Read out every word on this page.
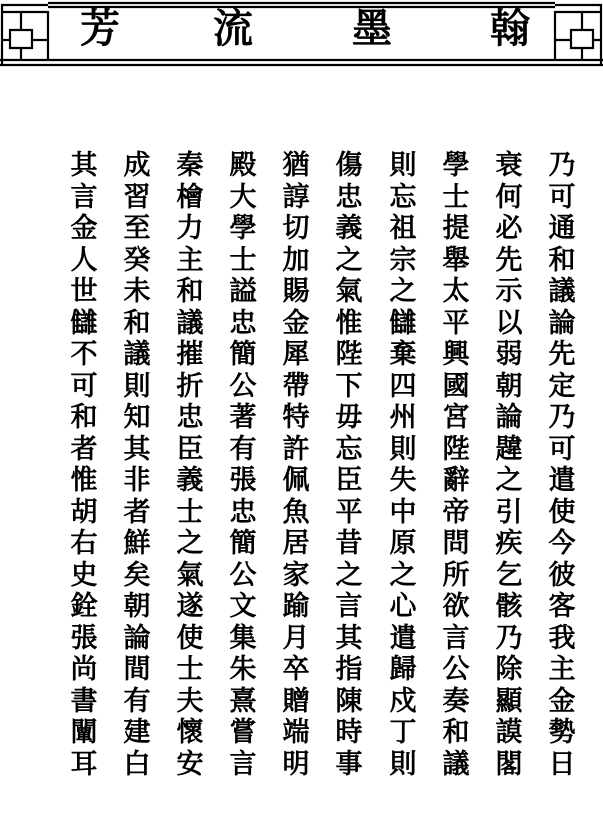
芳 流 墨 翰
乃
可
通
和
議
論
先
定
乃
可
遣
使
今
彼
客
我
主
金
勢
日
衰
何
必
先
示
以
弱
朝
論
韙
之
引
疾
乞
骸
乃
除
顯
謨
閣
學
士
提
舉
太
平
興
國
宮
陛
辭
帝
問
所
欲
言
公
奏
和
議
則
忘
祖
宗
之
讎
棄
四
州
則
失
中
原
之
心
遣
歸
戍
丁
則
傷
忠
義
之
氣
惟
陛
下
毋
忘
臣
平
昔
之
言
其
指
陳
時
事
猶
諄
切
加
賜
金
犀
帶
特
許
佩
魚
居
家
踰
月
卒
贈
端
明
殿
大
學
士
謚
忠
簡
公
著
有
張
忠
簡
公
文
集
朱
熹
嘗
言
秦
檜
力
主
和
議
摧
折
忠
臣
義
士
之
氣
遂
使
士
夫
懷
安
成
習
至
癸
未
和
議
則
知
其
非
者
鮮
矣
朝
論
間
有
建
白
其
言
金
人
世
讎
不
可
和
者
惟
胡
右
史
銓
張
尚
書
闡
耳
